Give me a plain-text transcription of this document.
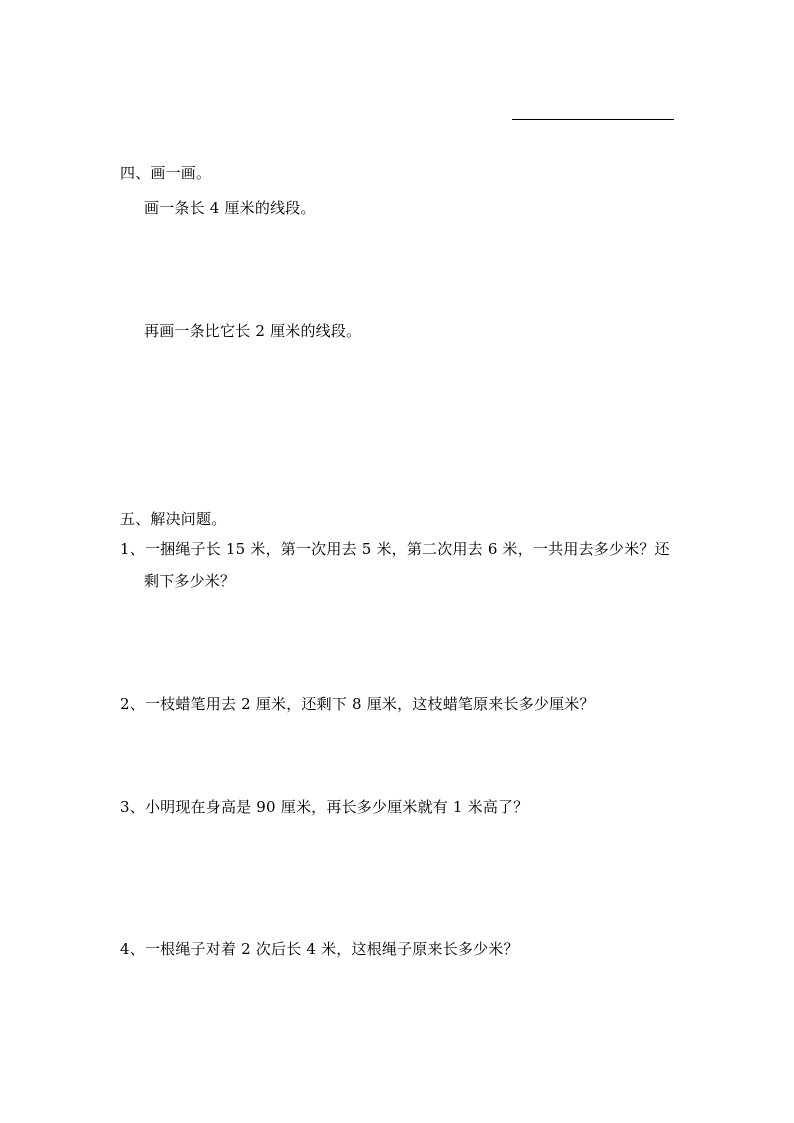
四、画一画。
画一条长 4 厘米的线段。
再画一条比它长 2 厘米的线段。
五、解决问题。
1、一捆绳子长 15 米，第一次用去 5 米，第二次用去 6 米，一共用去多少米？还
剩下多少米？
2、一枝蜡笔用去 2 厘米，还剩下 8 厘米，这枝蜡笔原来长多少厘米？
3、小明现在身高是 90 厘米，再长多少厘米就有 1 米高了？
4、一根绳子对着 2 次后长 4 米，这根绳子原来长多少米？
